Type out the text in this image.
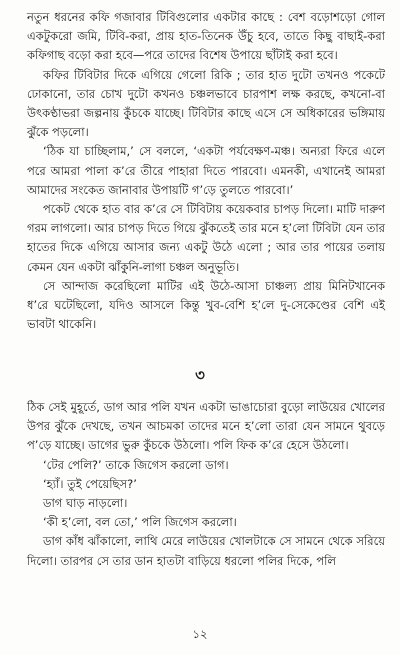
নতুন ধরনের কফি গজাবার টিবিগুলোর একটার কাছে : বেশ বড়োশড়ো গোল একটুকরো জমি, টিবি-করা, প্রায় হাত-তিনেক উঁচু হবে, তাতে কিছু বাছাই-করা কফিগাছ বড়ো করা হবে—পরে তাদের বিশেষ উপায়ে ছাঁটাই করা হবে।

কফির টিবিটার দিকে এগিয়ে গেলো রিকি ; তার হাত দুটো তখনও পকেটে ঢোকানো, তার চোখ দুটো কখনও চঞ্চলভাবে চারপাশ লক্ষ করছে, কখনো-বা উৎকণ্ঠাভরা জল্পনায় কুঁচকে যাচ্ছে। টিবিটার কাছে এসে সে অধিকারের ভঙ্গিমায় ঝুঁকে পড়লো।

‘ঠিক যা চাচ্ছিলাম,’ সে বললে, ‘একটা পর্যবেক্ষণ-মঞ্চ। অন্যরা ফিরে এলে পরে আমরা পালা ক’রে তীরে পাহারা দিতে পারবো। এমনকী, এখানেই আমরা আমাদের সংকেত জানাবার উপায়টি গ’ড়ে তুলতে পারবো।’

পকেট থেকে হাত বার ক’রে সে টিবিটায় কয়েকবার চাপড় দিলো। মাটি দারুণ গরম লাগলো। আর চাপড় দিতে গিয়ে ঝুঁকতেই তার মনে হ’লো টিবিটা যেন তার হাতের দিকে এগিয়ে আসার জন্য একটু উঠে এলো ; আর তার পায়ের তলায় কেমন যেন একটা ঝাঁকুনি-লাগা চঞ্চল অনুভূতি।

সে আন্দাজ করেছিলো মাটির এই উঠে-আসা চাঞ্চল্য প্রায় মিনিটখানেক ধ’রে ঘটেছিলো, যদিও আসলে কিন্তু খুব-বেশি হ’লে দু-সেকেণ্ডের বেশি এই ভাবটা থাকেনি।

৩

ঠিক সেই মুহূর্তে, ডাগ আর পলি যখন একটা ভাঙাচোরা বুড়ো লাউয়ের খোলের উপর ঝুঁকে দেখছে, তখন আচমকা তাদের মনে হ’লো তারা যেন সামনে থুবড়ে প’ড়ে যাচ্ছে। ডাগের ভুরু কুঁচকে উঠলো। পলি ফিক ক’রে হেসে উঠলো।

‘টের পেলি?’ তাকে জিগেস করলো ডাগ।

‘হ্যাঁ। তুই পেয়েছিস?’

ডাগ ঘাড় নাড়লো।

‘কী হ’লো, বল তো,’ পলি জিগেস করলো।

ডাগ কাঁধ ঝাঁকালো, লাথি মেরে লাউয়ের খোলটাকে সে সামনে থেকে সরিয়ে দিলো। তারপর সে তার ডান হাতটা বাড়িয়ে ধরলো পলির দিকে, পলি

১২
